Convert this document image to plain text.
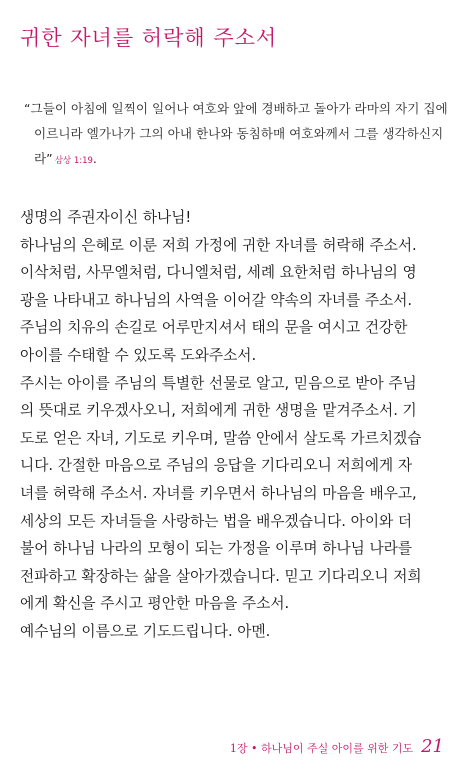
귀한 자녀를 허락해 주소서
“그들이 아침에 일찍이 일어나 여호와 앞에 경배하고 돌아가 라마의 자기 집에 이르니라 엘가나가 그의 아내 한나와 동침하매 여호와께서 그를 생각하신지라” 삼상 1:19.

생명의 주권자이신 하나님!

하나님의 은혜로 이룬 저희 가정에 귀한 자녀를 허락해 주소서.

이삭처럼, 사무엘처럼, 다니엘처럼, 세례 요한처럼 하나님의 영

광을 나타내고 하나님의 사역을 이어갈 약속의 자녀를 주소서.

주님의 치유의 손길로 어루만지셔서 태의 문을 여시고 건강한

아이를 수태할 수 있도록 도와주소서.

주시는 아이를 주님의 특별한 선물로 알고, 믿음으로 받아 주님

의 뜻대로 키우겠사오니, 저희에게 귀한 생명을 맡겨주소서. 기

도로 얻은 자녀, 기도로 키우며, 말씀 안에서 살도록 가르치겠습

니다. 간절한 마음으로 주님의 응답을 기다리오니 저희에게 자

녀를 허락해 주소서. 자녀를 키우면서 하나님의 마음을 배우고,

세상의 모든 자녀들을 사랑하는 법을 배우겠습니다. 아이와 더

불어 하나님 나라의 모형이 되는 가정을 이루며 하나님 나라를

전파하고 확장하는 삶을 살아가겠습니다. 믿고 기다리오니 저희

에게 확신을 주시고 평안한 마음을 주소서.

예수님의 이름으로 기도드립니다. 아멘.

1장 • 하나님이 주실 아이를 위한 기도 21
